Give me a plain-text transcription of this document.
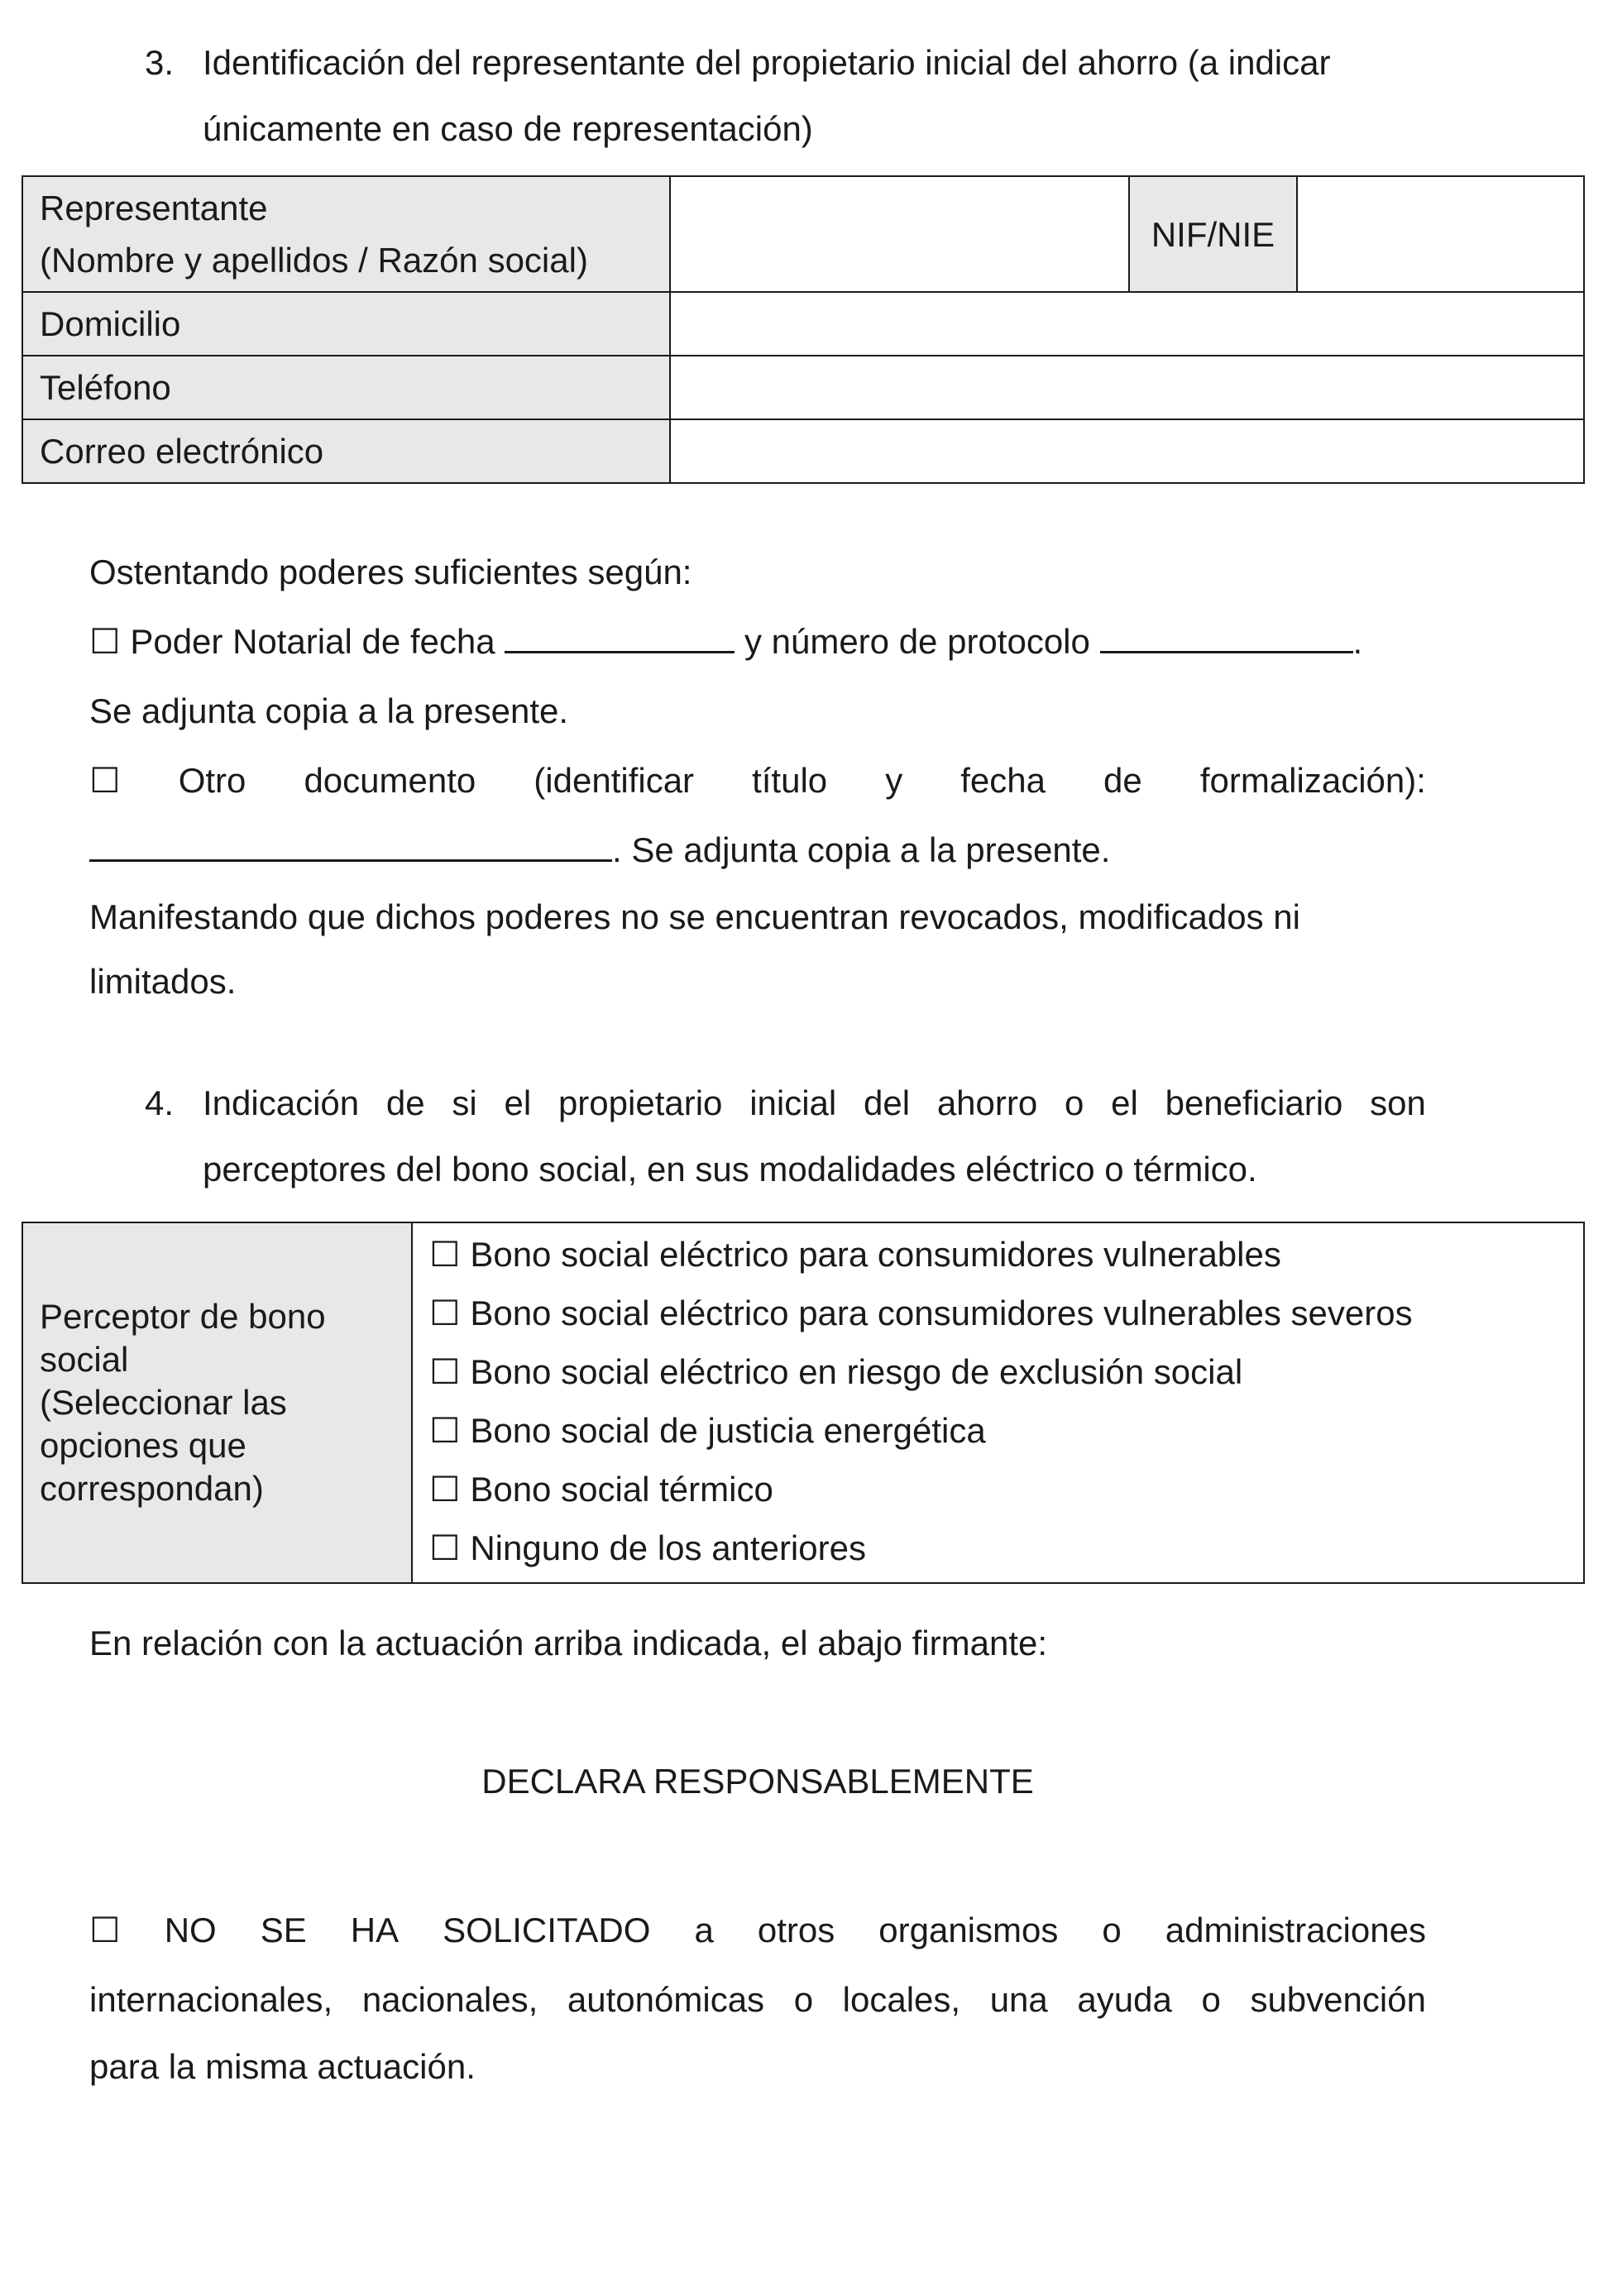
3. Identificación del representante del propietario inicial del ahorro (a indicar
únicamente en caso de representación)
Representante
(Nombre y apellidos / Razón social)		NIF/NIE	
Domicilio			
Teléfono			
Correo electrónico			
Ostentando poderes suficientes según:
☐ Poder Notarial de fecha	y número de protocolo	.
Se adjunta copia a la presente.
☐ Otro documento (identificar título y fecha de formalización):
. Se adjunta copia a la presente.
Manifestando que dichos poderes no se encuentran revocados, modificados ni
limitados.
4. Indicación de si el propietario inicial del ahorro o el beneficiario son
perceptores del bono social, en sus modalidades eléctrico o térmico.
Perceptor de bono
social
(Seleccionar las
opciones que
correspondan)

☐ Bono social eléctrico para consumidores vulnerables
☐ Bono social eléctrico para consumidores vulnerables severos
☐ Bono social eléctrico en riesgo de exclusión social
☐ Bono social de justicia energética
☐ Bono social térmico
☐ Ninguno de los anteriores
En relación con la actuación arriba indicada, el abajo firmante:
DECLARA RESPONSABLEMENTE
☐ NO SE HA SOLICITADO a otros organismos o administraciones
internacionales, nacionales, autonómicas o locales, una ayuda o subvención
para la misma actuación.
